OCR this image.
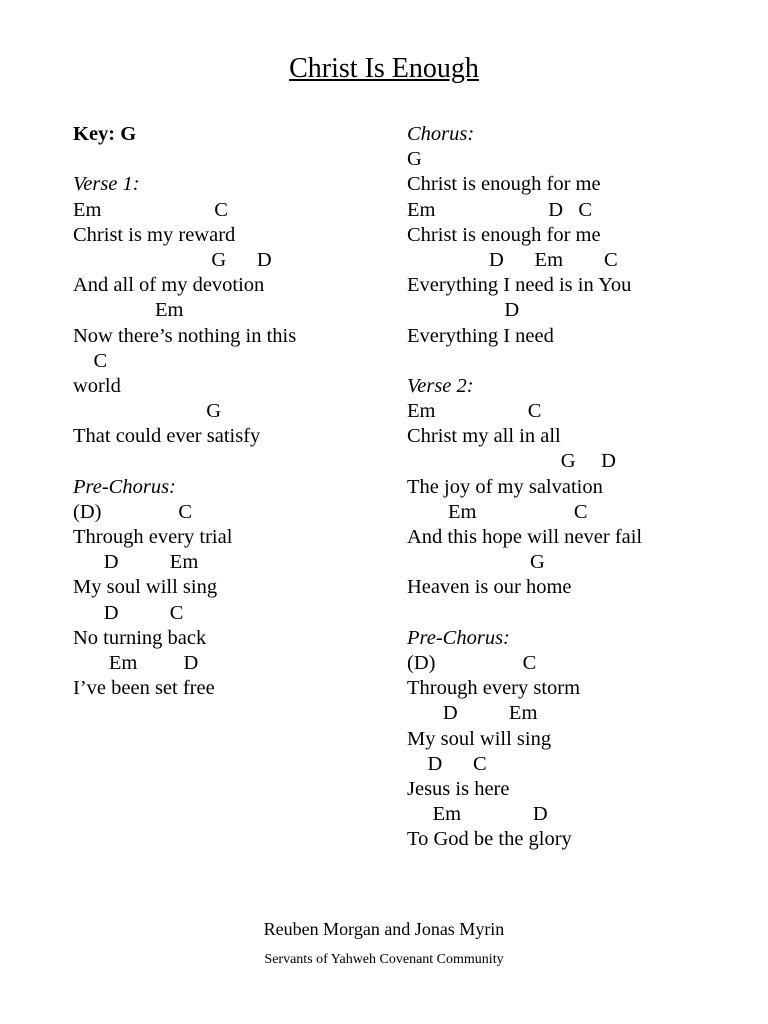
Christ Is Enough
Key: G
Verse 1:
Em                      C
Christ is my reward
G      D
And all of my devotion
Em
Now there’s nothing in this
C
world
G
That could ever satisfy
Pre-Chorus:
(D)               C
Through every trial
D          Em
My soul will sing
D          C
No turning back
Em         D
I’ve been set free
Chorus:
G
Christ is enough for me
Em                      D   C
Christ is enough for me
D      Em        C
Everything I need is in You
D
Everything I need
Verse 2:
Em                  C
Christ my all in all
G     D
The joy of my salvation
Em                   C
And this hope will never fail
G
Heaven is our home
Pre-Chorus:
(D)                 C
Through every storm
D          Em
My soul will sing
D      C
Jesus is here
Em              D
To God be the glory
Reuben Morgan and Jonas Myrin
Servants of Yahweh Covenant Community
